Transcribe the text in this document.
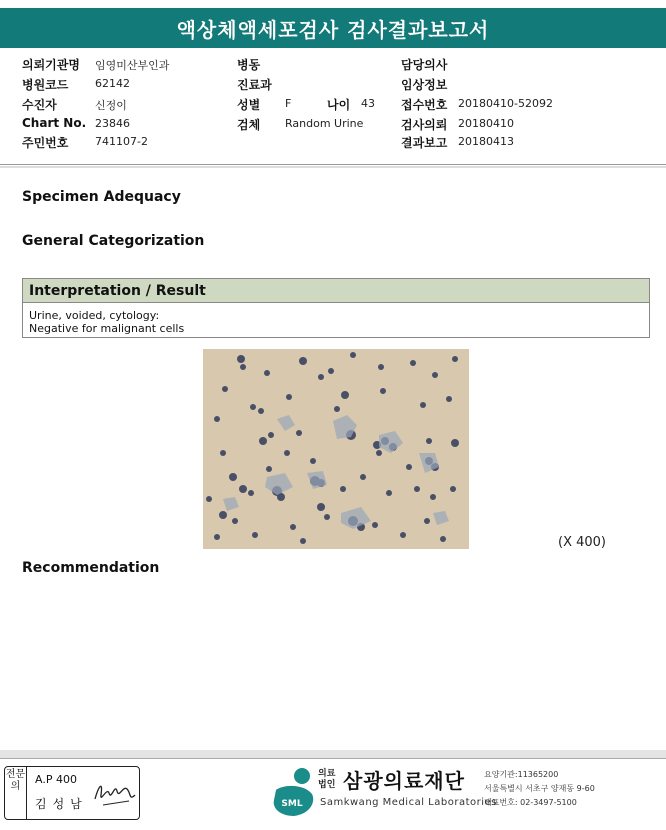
액상체액세포검사 검사결과보고서
의뢰기관명 임영미산부인과
병원코드 62142
수진자	신정이
Chart No. 23846
주민번호 741107-2
병동
진료과
성별 F	나이 43
검체 Random Urine
담당의사
임상정보
접수번호 20180410-52092
검사의뢰 20180410
결과보고 20180413
Specimen Adequacy
General Categorization
Interpretation / Result
Urine, voided, cytology:
Negative for malignant cells
(X 400)
Recommendation
전문의
A.P 400
김성남	SML
의료
법인 삼광의료재단
Samkwang Medical Laboratories
요양기관:11365200
서울특별시 서초구 양재동 9-60
대표번호: 02-3497-5100
